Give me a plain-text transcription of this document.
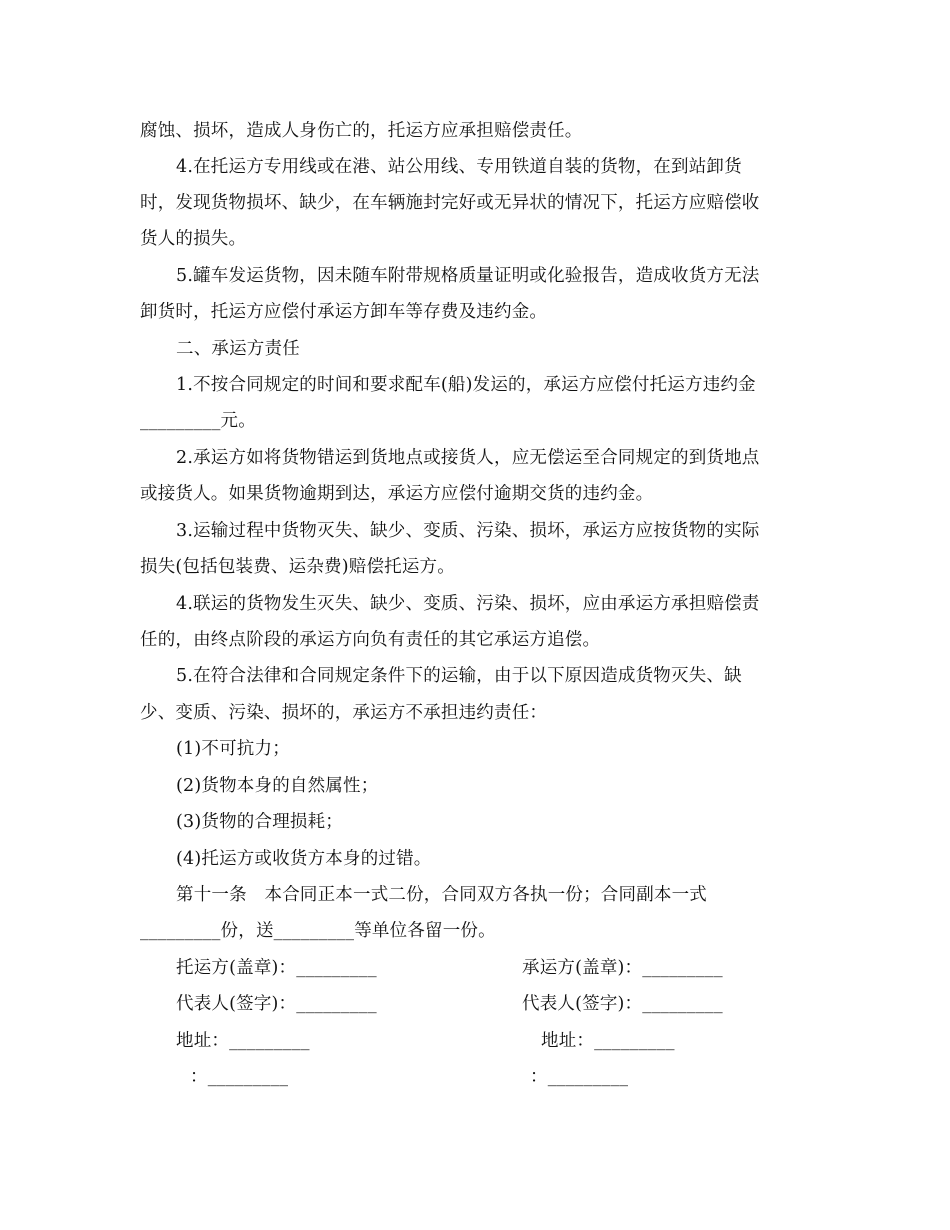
腐蚀、损坏，造成人身伤亡的，托运方应承担赔偿责任。
4.在托运方专用线或在港、站公用线、专用铁道自装的货物，在到站卸货
时，发现货物损坏、缺少，在车辆施封完好或无异状的情况下，托运方应赔偿收
货人的损失。
5.罐车发运货物，因未随车附带规格质量证明或化验报告，造成收货方无法
卸货时，托运方应偿付承运方卸车等存费及违约金。
二、承运方责任
1.不按合同规定的时间和要求配车(船)发运的，承运方应偿付托运方违约金
_________元。
2.承运方如将货物错运到货地点或接货人，应无偿运至合同规定的到货地点
或接货人。如果货物逾期到达，承运方应偿付逾期交货的违约金。
3.运输过程中货物灭失、缺少、变质、污染、损坏，承运方应按货物的实际
损失(包括包装费、运杂费)赔偿托运方。
4.联运的货物发生灭失、缺少、变质、污染、损坏，应由承运方承担赔偿责
任的，由终点阶段的承运方向负有责任的其它承运方追偿。
5.在符合法律和合同规定条件下的运输，由于以下原因造成货物灭失、缺
少、变质、污染、损坏的，承运方不承担违约责任：
(1)不可抗力；
(2)货物本身的自然属性；
(3)货物的合理损耗；
(4)托运方或收货方本身的过错。
第十一条　本合同正本一式二份，合同双方各执一份；合同副本一式
_________份，送_________等单位各留一份。
托运方(盖章)：_________
代表人(签字)：_________
地址：_________
：_________
承运方(盖章)：_________
代表人(签字)：_________
地址：_________
：_________
